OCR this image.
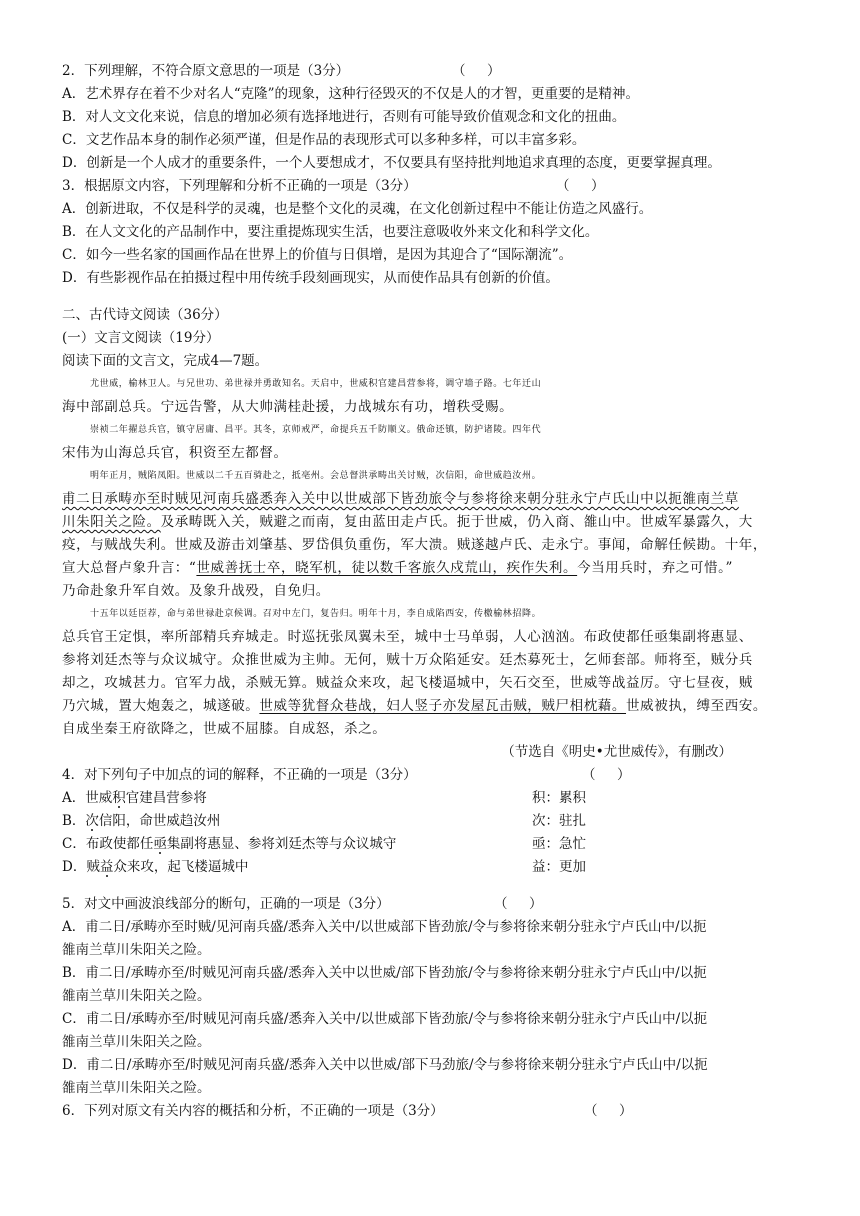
2．下列理解，不符合原文意思的一项是（3分）	（     ）
A．艺术界存在着不少对名人“克隆”的现象，这种行径毁灭的不仅是人的才智，更重要的是精神。
B．对人文文化来说，信息的增加必须有选择地进行，否则有可能导致价值观念和文化的扭曲。
C．文艺作品本身的制作必须严谨，但是作品的表现形式可以多种多样，可以丰富多彩。
D．创新是一个人成才的重要条件，一个人要想成才，不仅要具有坚持批判地追求真理的态度，更要掌握真理。
3．根据原文内容，下列理解和分析不正确的一项是（3分）	（     ）
A．创新进取，不仅是科学的灵魂，也是整个文化的灵魂，在文化创新过程中不能让仿造之风盛行。
B．在人文文化的产品制作中，要注重提炼现实生活，也要注意吸收外来文化和科学文化。
C．如今一些名家的国画作品在世界上的价值与日俱增，是因为其迎合了“国际潮流”。
D．有些影视作品在拍摄过程中用传统手段刻画现实，从而使作品具有创新的价值。
二、古代诗文阅读（36分）
(一）文言文阅读（19分）
阅读下面的文言文，完成4—7题。
尤世威，榆林卫人。与兄世功、弟世禄并勇敢知名。天启中，世威积官建昌营参将，调守墙子路。七年迁山
海中部副总兵。宁远告警，从大帅满桂赴援，力战城东有功，增秩受赐。
崇祯二年擢总兵官，镇守居庸、昌平。其冬，京师戒严，命提兵五千防顺义。俄命还镇，防护诸陵。四年代
宋伟为山海总兵官，积资至左都督。
明年正月，贼陷凤阳。世威以二千五百骑赴之，抵亳州。会总督洪承畴出关讨贼，次信阳，命世威趋汝州。
甫二日承畴亦至时贼见河南兵盛悉奔入关中以世威部下皆劲旅令与参将徐来朝分驻永宁卢氏山中以扼雒南兰草
川朱阳关之险。及承畴既入关，贼避之而南，复由蓝田走卢氏。扼于世威，仍入商、雒山中。世威军暴露久，大
疫，与贼战失利。世威及游击刘肇基、罗岱俱负重伤，军大溃。贼遂越卢氏、走永宁。事闻，命解任候勘。十年，
宣大总督卢象升言：“世威善抚士卒，晓军机，徒以数千客旅久戍荒山，疾作失利。今当用兵时，弃之可惜。”
乃命赴象升军自效。及象升战殁，自免归。
十五年以廷臣荐，命与弟世禄赴京候调。召对中左门，复告归。明年十月，李自成陷西安，传檄榆林招降。
总兵官王定惧，率所部精兵弃城走。时巡抚张凤翼未至，城中士马单弱，人心汹汹。布政使都任亟集副将惠显、
参将刘廷杰等与众议城守。众推世威为主帅。无何，贼十万众陷延安。廷杰募死士，乞师套部。师将至，贼分兵
却之，攻城甚力。官军力战，杀贼无算。贼益众来攻，起飞楼逼城中，矢石交至，世威等战益厉。守七昼夜，贼
乃穴城，置大炮轰之，城遂破。世威等犹督众巷战，妇人竖子亦发屋瓦击贼，贼尸相枕藉。世威被执，缚至西安。
自成坐秦王府欲降之，世威不屈膝。自成怒，杀之。
（节选自《明史•尤世威传》，有删改）
4．对下列句子中加点的词的解释，不正确的一项是（3分）	（     ）
A．世威积官建昌营参将	积：累积
B．次信阳，命世威趋汝州	次：驻扎
C．布政使都任亟集副将惠显、参将刘廷杰等与众议城守	亟：急忙
D．贼益众来攻，起飞楼逼城中	益：更加
5．对文中画波浪线部分的断句，正确的一项是（3分）	（     ）
A．甫二日/承畴亦至时贼/见河南兵盛/悉奔入关中/以世威部下皆劲旅/令与参将徐来朝分驻永宁卢氏山中/以扼
雒南兰草川朱阳关之险。
B．甫二日/承畴亦至/时贼见河南兵盛/悉奔入关中以世威/部下皆劲旅/令与参将徐来朝分驻永宁卢氏山中/以扼
雒南兰草川朱阳关之险。
C．甫二日/承畴亦至/时贼见河南兵盛/悉奔入关中/以世威部下皆劲旅/令与参将徐来朝分驻永宁卢氏山中/以扼
雒南兰草川朱阳关之险。
D．甫二日/承畴亦至/时贼见河南兵盛/悉奔入关中以世威/部下马劲旅/令与参将徐来朝分驻永宁卢氏山中/以扼
雒南兰草川朱阳关之险。
6．下列对原文有关内容的概括和分析，不正确的一项是（3分）	（     ）
